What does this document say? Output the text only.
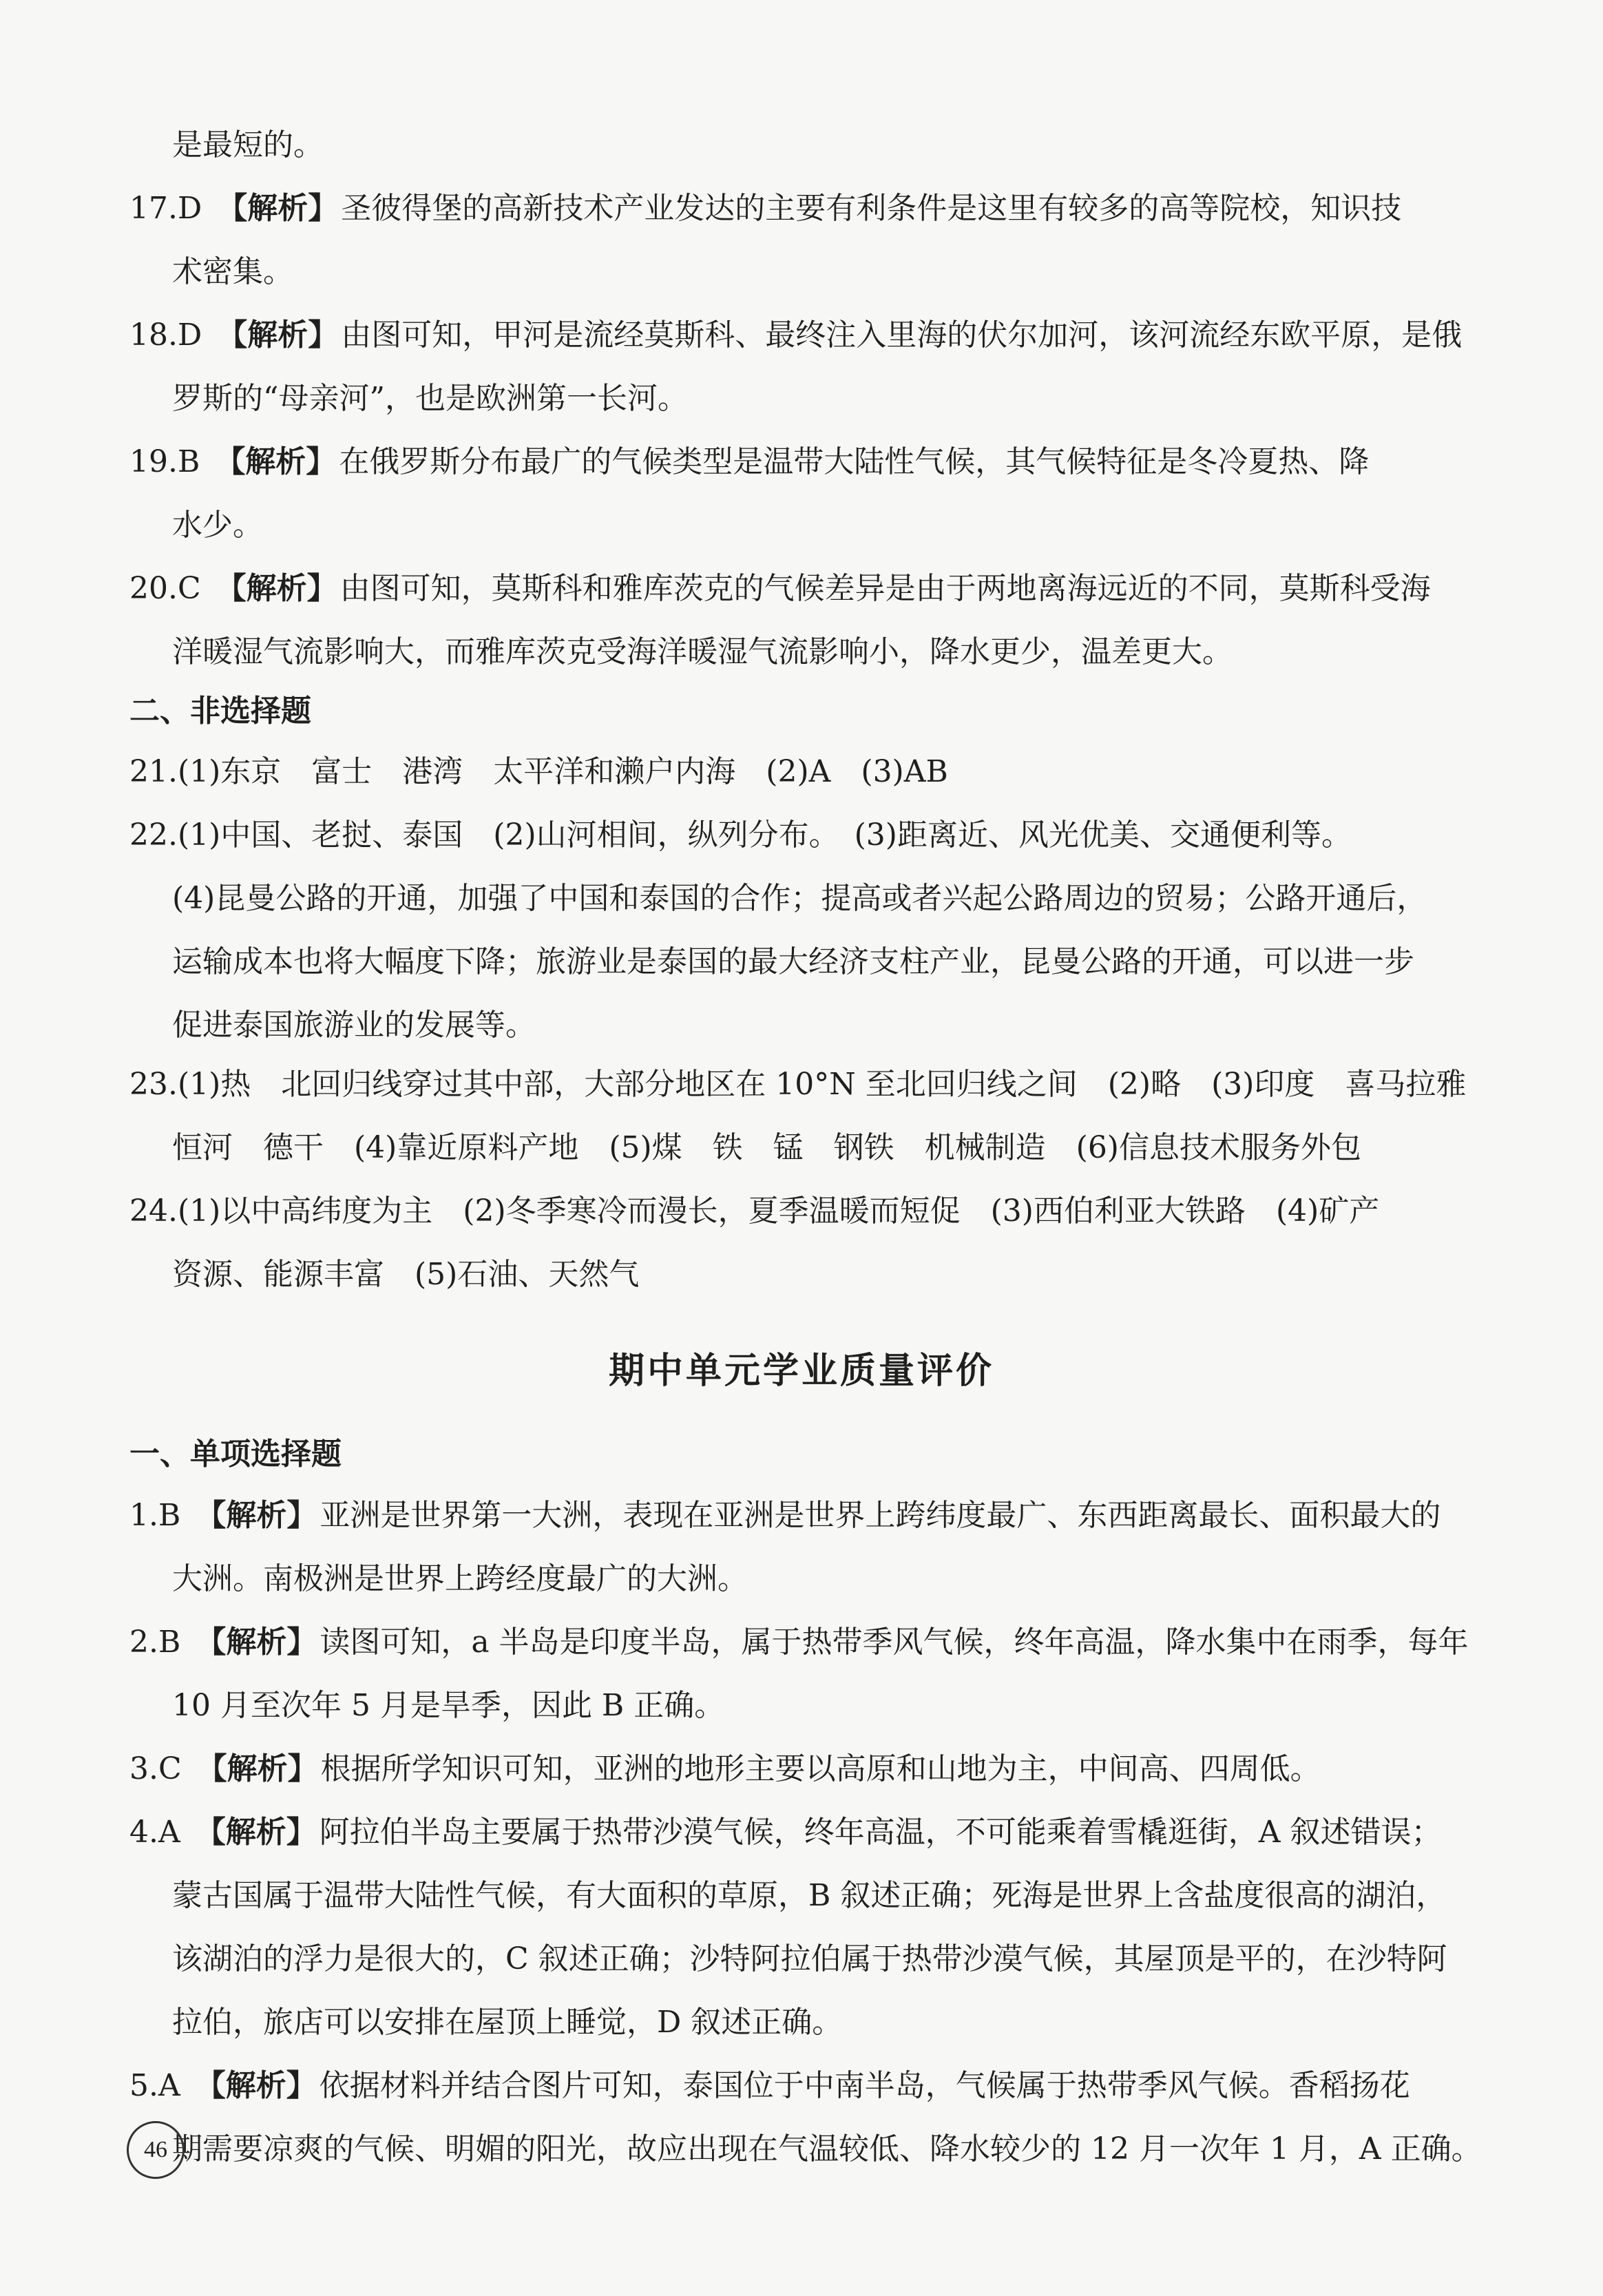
是最短的。
17.D 【解析】圣彼得堡的高新技术产业发达的主要有利条件是这里有较多的高等院校，知识技
术密集。
18.D 【解析】由图可知，甲河是流经莫斯科、最终注入里海的伏尔加河，该河流经东欧平原，是俄
罗斯的“母亲河”，也是欧洲第一长河。
19.B 【解析】在俄罗斯分布最广的气候类型是温带大陆性气候，其气候特征是冬冷夏热、降
水少。
20.C 【解析】由图可知，莫斯科和雅库茨克的气候差异是由于两地离海远近的不同，莫斯科受海
洋暖湿气流影响大，而雅库茨克受海洋暖湿气流影响小，降水更少，温差更大。
二、非选择题
21.(1)东京　富士　港湾　太平洋和濑户内海　(2)A　(3)AB
22.(1)中国、老挝、泰国　(2)山河相间，纵列分布。　(3)距离近、风光优美、交通便利等。
(4)昆曼公路的开通，加强了中国和泰国的合作；提高或者兴起公路周边的贸易；公路开通后，
运输成本也将大幅度下降；旅游业是泰国的最大经济支柱产业，昆曼公路的开通，可以进一步
促进泰国旅游业的发展等。
23.(1)热　北回归线穿过其中部，大部分地区在 10°N 至北回归线之间　(2)略　(3)印度　喜马拉雅
恒河　德干　(4)靠近原料产地　(5)煤　铁　锰　钢铁　机械制造　(6)信息技术服务外包
24.(1)以中高纬度为主　(2)冬季寒冷而漫长，夏季温暖而短促　(3)西伯利亚大铁路　(4)矿产
资源、能源丰富　(5)石油、天然气
期中单元学业质量评价
一、单项选择题
1.B 【解析】亚洲是世界第一大洲，表现在亚洲是世界上跨纬度最广、东西距离最长、面积最大的
大洲。南极洲是世界上跨经度最广的大洲。
2.B 【解析】读图可知，a 半岛是印度半岛，属于热带季风气候，终年高温，降水集中在雨季，每年
10 月至次年 5 月是旱季，因此 B 正确。
3.C 【解析】根据所学知识可知，亚洲的地形主要以高原和山地为主，中间高、四周低。
4.A 【解析】阿拉伯半岛主要属于热带沙漠气候，终年高温，不可能乘着雪橇逛街，A 叙述错误；
蒙古国属于温带大陆性气候，有大面积的草原，B 叙述正确；死海是世界上含盐度很高的湖泊，
该湖泊的浮力是很大的，C 叙述正确；沙特阿拉伯属于热带沙漠气候，其屋顶是平的，在沙特阿
拉伯，旅店可以安排在屋顶上睡觉，D 叙述正确。
5.A 【解析】依据材料并结合图片可知，泰国位于中南半岛，气候属于热带季风气候。香稻扬花
期需要凉爽的气候、明媚的阳光，故应出现在气温较低、降水较少的 12 月一次年 1 月，A 正确。
46
